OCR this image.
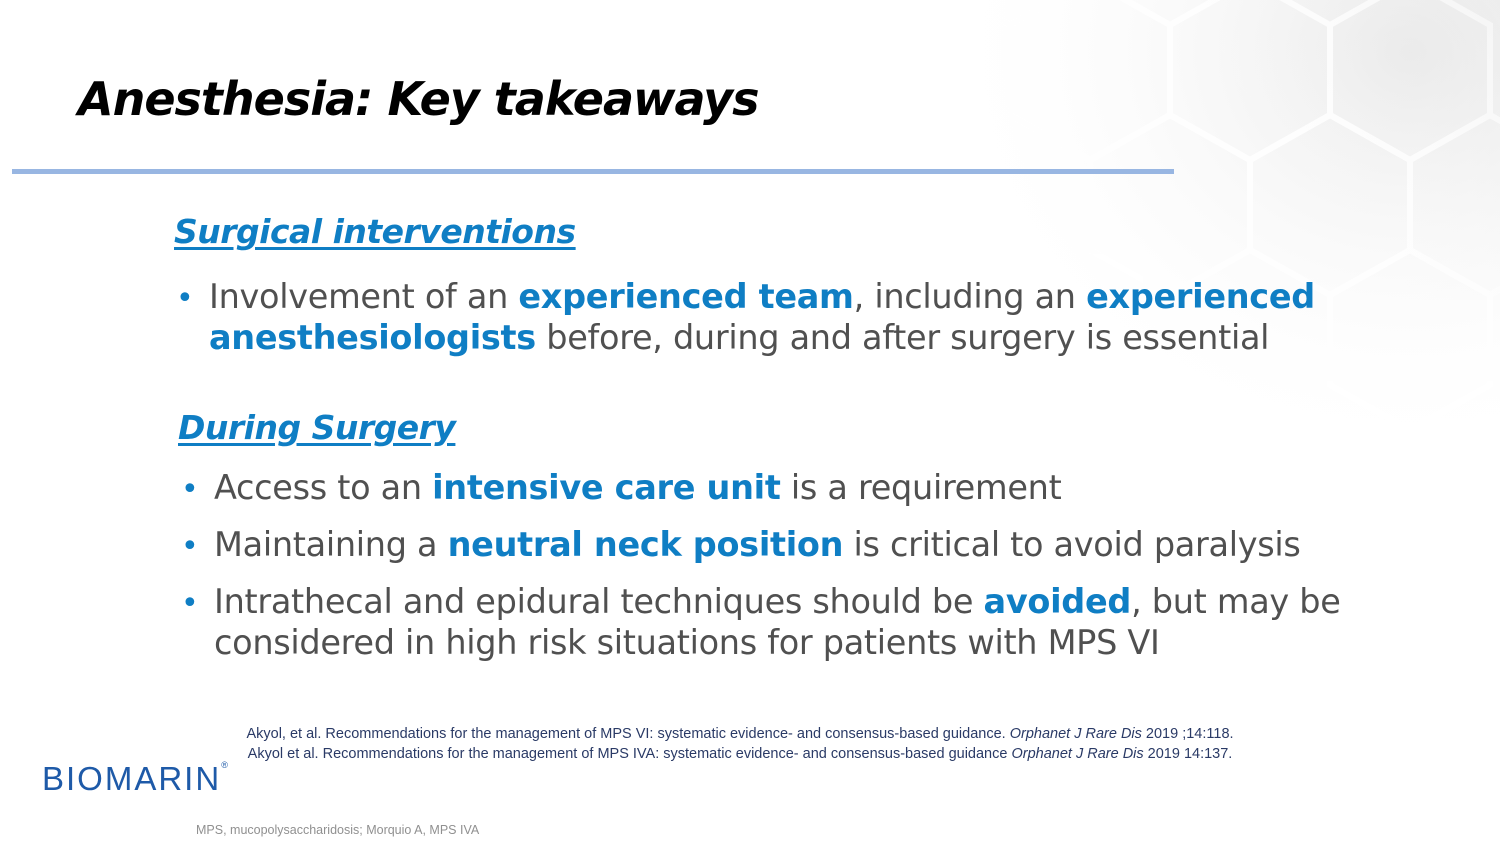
Anesthesia: Key takeaways
Surgical interventions
• Involvement of an experienced team, including an experienced
anesthesiologists before, during and after surgery is essential
During Surgery
• Access to an intensive care unit is a requirement
• Maintaining a neutral neck position is critical to avoid paralysis
• Intrathecal and epidural techniques should be avoided, but may be
considered in high risk situations for patients with MPS VI
Akyol, et al. Recommendations for the management of MPS VI: systematic evidence- and consensus-based guidance. Orphanet J Rare Dis 2019 ;14:118.
Akyol et al. Recommendations for the management of MPS IVA: systematic evidence- and consensus-based guidance Orphanet J Rare Dis 2019 14:137.
BIOMARIN®
MPS, mucopolysaccharidosis; Morquio A, MPS IVA
